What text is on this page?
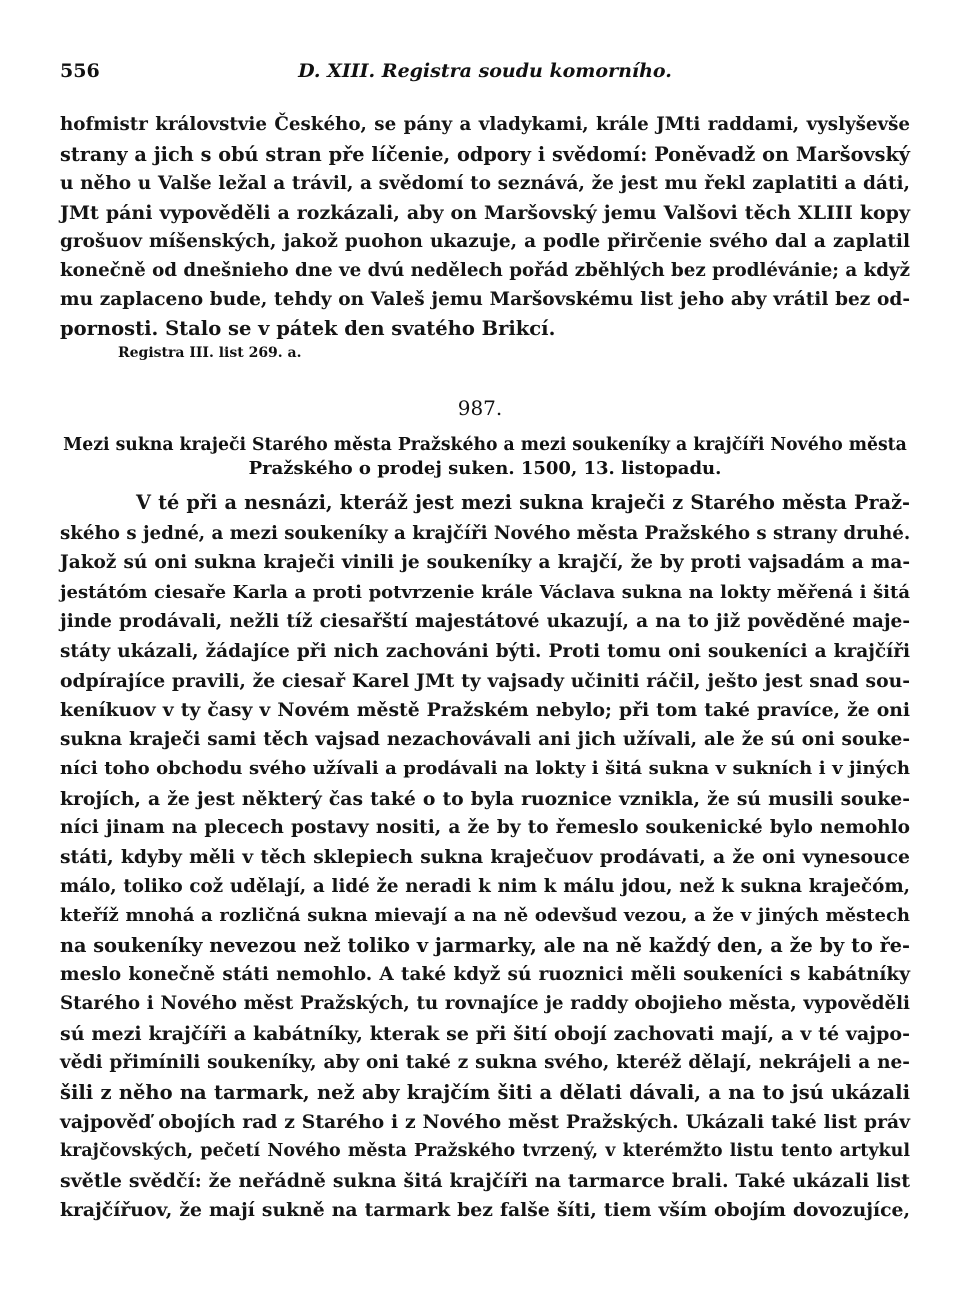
556	D. XIII. Registra soudu komorního.
hofmistr královstvie Českého, se pány a vladykami, krále JMti raddami, vyslyševše
strany a jich s obú stran pře líčenie, odpory i svědomí: Poněvadž on Maršovský
u něho u Valše ležal a trávil, a svědomí to seznává, že jest mu řekl zaplatiti a dáti,
JMt páni vypověděli a rozkázali, aby on Maršovský jemu Valšovi těch XLIII kopy
grošuov míšenských, jakož puohon ukazuje, a podle přirčenie svého dal a zaplatil
konečně od dnešnieho dne ve dvú nedělech pořád zběhlých bez prodlévánie; a když
mu zaplaceno bude, tehdy on Valeš jemu Maršovskému list jeho aby vrátil bez od-
pornosti. Stalo se v pátek den svatého Brikcí.
Registra III. list 269. a.
987.
Mezi sukna kraječi Starého města Pražského a mezi soukeníky a krajčíři Nového města
Pražského o prodej suken. 1500, 13. listopadu.
V té při a nesnázi, kteráž jest mezi sukna kraječi z Starého města Praž-
ského s jedné, a mezi soukeníky a krajčíři Nového města Pražského s strany druhé.
Jakož sú oni sukna kraječi vinili je soukeníky a krajčí, že by proti vajsadám a ma-
jestátóm ciesaře Karla a proti potvrzenie krále Václava sukna na lokty měřená i šitá
jinde prodávali, nežli tíž ciesařští majestátové ukazují, a na to již pověděné maje-
státy ukázali, žádajíce při nich zachováni býti. Proti tomu oni soukeníci a krajčíři
odpírajíce pravili, že ciesař Karel JMt ty vajsady učiniti ráčil, ješto jest snad sou-
keníkuov v ty časy v Novém městě Pražském nebylo; při tom také pravíce, že oni
sukna kraječi sami těch vajsad nezachovávali ani jich užívali, ale že sú oni souke-
níci toho obchodu svého užívali a prodávali na lokty i šitá sukna v sukních i v jiných
krojích, a že jest některý čas také o to byla ruoznice vznikla, že sú musili souke-
níci jinam na plecech postavy nositi, a že by to řemeslo soukenické bylo nemohlo
státi, kdyby měli v těch sklepiech sukna kraječuov prodávati, a že oni vynesouce
málo, toliko což udělají, a lidé že neradi k nim k málu jdou, než k sukna kraječóm,
kteříž mnohá a rozličná sukna mievají a na ně odevšud vezou, a že v jiných městech
na soukeníky nevezou než toliko v jarmarky, ale na ně každý den, a že by to ře-
meslo konečně státi nemohlo. A také když sú ruoznici měli soukeníci s kabátníky
Starého i Nového měst Pražských, tu rovnajíce je raddy obojieho města, vypověděli
sú mezi krajčíři a kabátníky, kterak se při šití obojí zachovati mají, a v té vajpo-
vědi přimínili soukeníky, aby oni také z sukna svého, kteréž dělají, nekrájeli a ne-
šili z něho na tarmark, než aby krajčím šiti a dělati dávali, a na to jsú ukázali
vajpověď obojích rad z Starého i z Nového měst Pražských. Ukázali také list práv
krajčovských, pečetí Nového města Pražského tvrzený, v kterémžto listu tento artykul
světle svědčí: že neřádně sukna šitá krajčíři na tarmarce brali. Také ukázali list
krajčířuov, že mají sukně na tarmark bez falše šíti, tiem vším obojím dovozujíce,
